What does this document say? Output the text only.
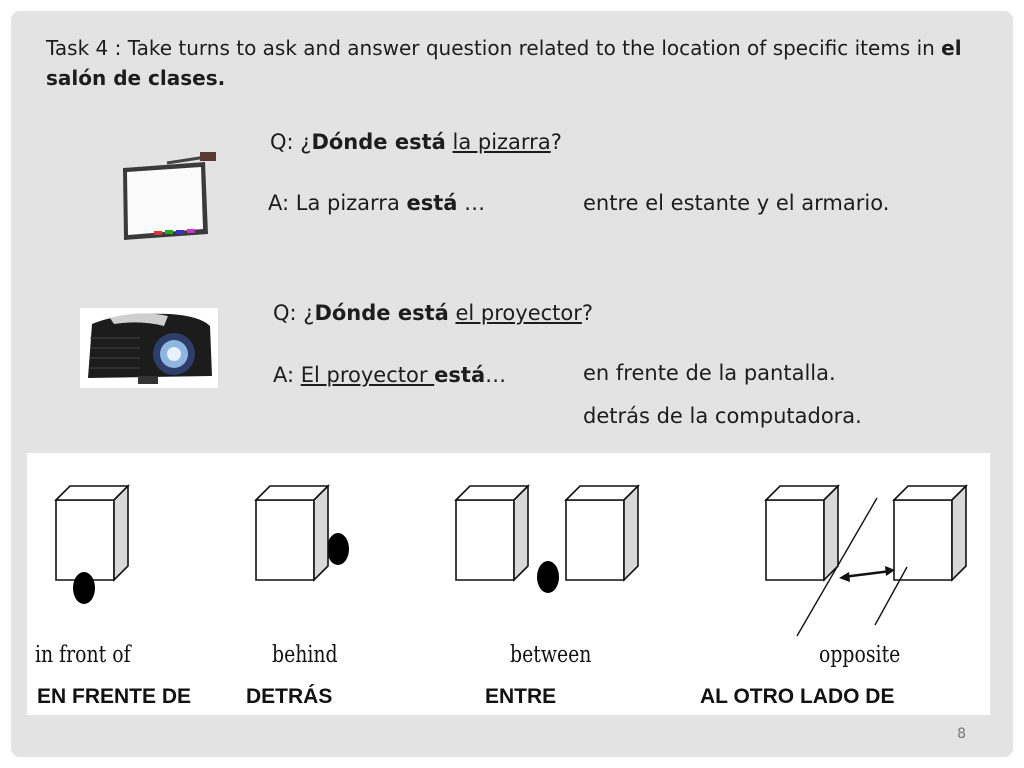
Task 4 : Take turns to ask and answer question related to the location of specific items in el salón de clases.
Q: ¿Dónde está la pizarra?
A: La pizarra está …	entre el estante y el armario.
Q: ¿Dónde está el proyector?
A: El proyector está…	en frente de la pantalla.
detrás de la computadora.
in front of	behind	between	opposite
EN FRENTE DE	DETRÁS	ENTRE	AL OTRO LADO DE
8
